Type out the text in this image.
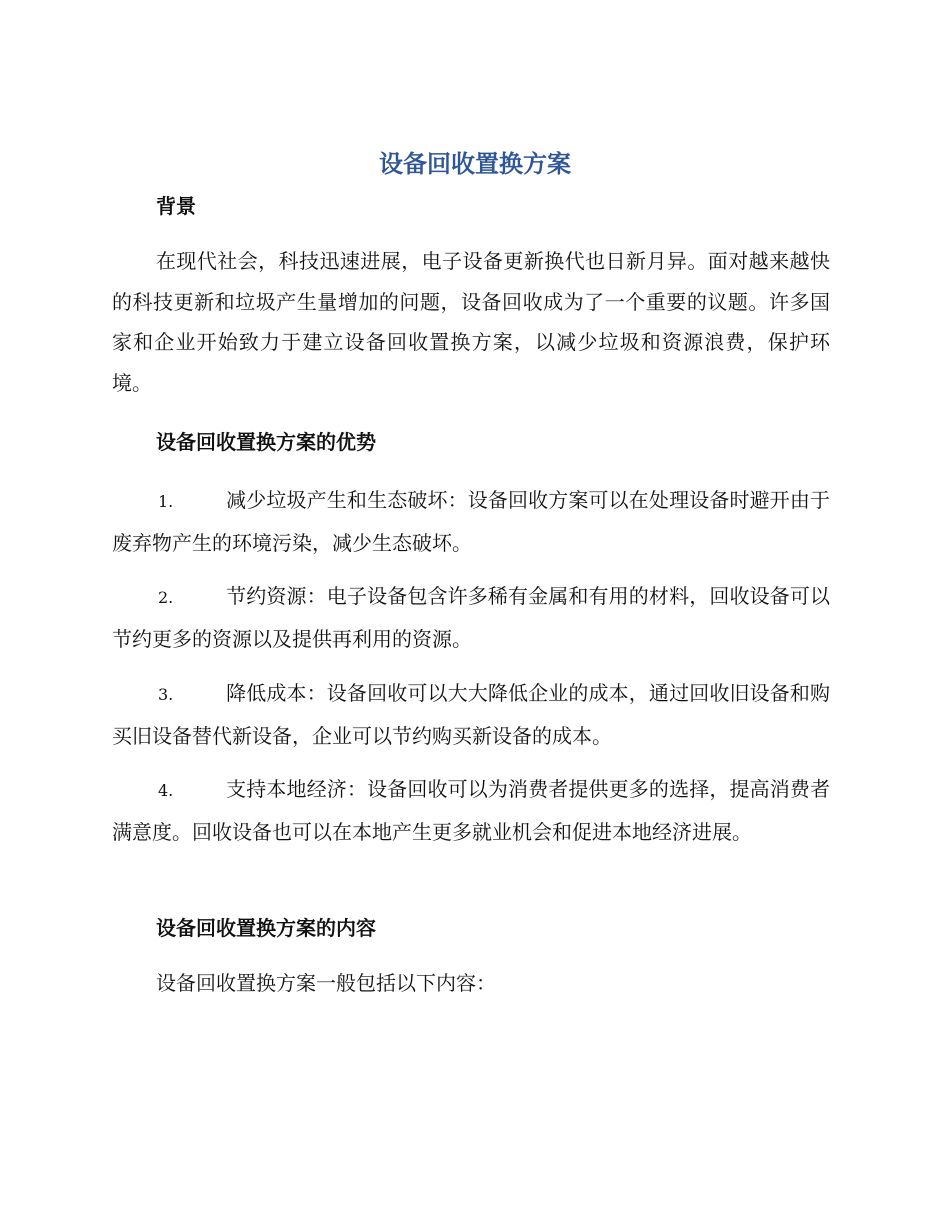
设备回收置换方案
背景

在现代社会，科技迅速进展，电子设备更新换代也日新月异。面对越来越快的科技更新和垃圾产生量增加的问题，设备回收成为了一个重要的议题。许多国家和企业开始致力于建立设备回收置换方案，以减少垃圾和资源浪费，保护环境。

设备回收置换方案的优势

1.	减少垃圾产生和生态破坏：设备回收方案可以在处理设备时避开由于废弃物产生的环境污染，减少生态破坏。

2.	节约资源：电子设备包含许多稀有金属和有用的材料，回收设备可以节约更多的资源以及提供再利用的资源。

3.	降低成本：设备回收可以大大降低企业的成本，通过回收旧设备和购买旧设备替代新设备，企业可以节约购买新设备的成本。

4.	支持本地经济：设备回收可以为消费者提供更多的选择，提高消费者满意度。回收设备也可以在本地产生更多就业机会和促进本地经济进展。

设备回收置换方案的内容

设备回收置换方案一般包括以下内容：
